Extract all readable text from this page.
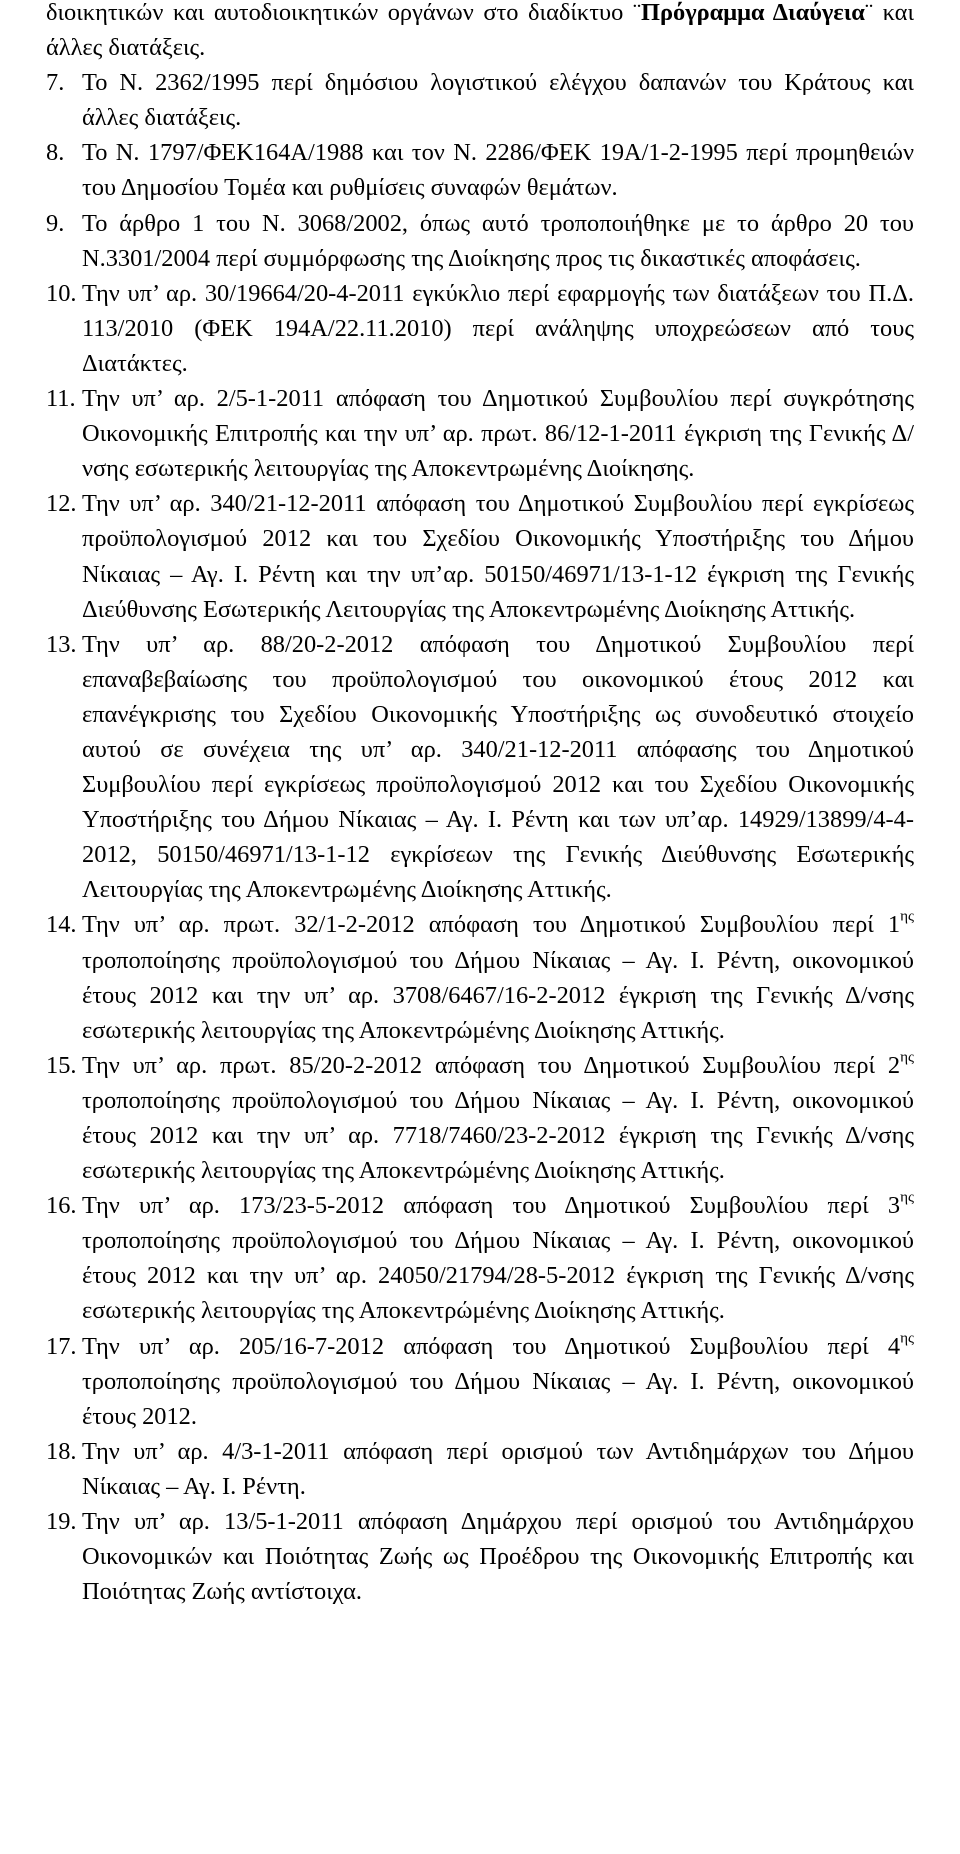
διοικητικών και αυτοδιοικητικών οργάνων στο διαδίκτυο ¨Πρόγραμμα Διαύγεια¨ και άλλες διατάξεις.
7. Το Ν. 2362/1995 περί δημόσιου λογιστικού ελέγχου δαπανών του Κράτους και άλλες διατάξεις.
8. Το Ν. 1797/ΦΕΚ164Α/1988 και τον Ν. 2286/ΦΕΚ 19Α/1-2-1995 περί προμηθειών του Δημοσίου Τομέα και ρυθμίσεις συναφών θεμάτων.
9. Το άρθρο 1 του Ν. 3068/2002, όπως αυτό τροποποιήθηκε με το άρθρο 20 του Ν.3301/2004 περί συμμόρφωσης της Διοίκησης προς τις δικαστικές αποφάσεις.
10. Την υπ’ αρ. 30/19664/20-4-2011 εγκύκλιο περί εφαρμογής των διατάξεων του Π.Δ. 113/2010 (ΦΕΚ 194Α/22.11.2010) περί ανάληψης υποχρεώσεων από τους Διατάκτες.
11. Την υπ’ αρ. 2/5-1-2011 απόφαση του Δημοτικού Συμβουλίου περί συγκρότησης Οικονομικής Επιτροπής και την υπ’ αρ. πρωτ. 86/12-1-2011 έγκριση της Γενικής Δ/νσης εσωτερικής λειτουργίας της Αποκεντρωμένης Διοίκησης.
12. Την υπ’ αρ. 340/21-12-2011 απόφαση του Δημοτικού Συμβουλίου περί εγκρίσεως προϋπολογισμού 2012 και του Σχεδίου Οικονομικής Υποστήριξης του Δήμου Νίκαιας – Αγ. Ι. Ρέντη και την υπ’αρ. 50150/46971/13-1-12 έγκριση της Γενικής Διεύθυνσης Εσωτερικής Λειτουργίας της Αποκεντρωμένης Διοίκησης Αττικής.
13. Την υπ’ αρ. 88/20-2-2012 απόφαση του Δημοτικού Συμβουλίου περί επαναβεβαίωσης του προϋπολογισμού του οικονομικού έτους 2012 και επανέγκρισης του Σχεδίου Οικονομικής Υποστήριξης ως συνοδευτικό στοιχείο αυτού σε συνέχεια της υπ’ αρ. 340/21-12-2011 απόφασης του Δημοτικού Συμβουλίου περί εγκρίσεως προϋπολογισμού 2012 και του Σχεδίου Οικονομικής Υποστήριξης του Δήμου Νίκαιας – Αγ. Ι. Ρέντη και των υπ’αρ. 14929/13899/4-4-2012, 50150/46971/13-1-12 εγκρίσεων της Γενικής Διεύθυνσης Εσωτερικής Λειτουργίας της Αποκεντρωμένης Διοίκησης Αττικής.
14. Την υπ’ αρ. πρωτ. 32/1-2-2012 απόφαση του Δημοτικού Συμβουλίου περί $1^{\eta\varsigma}$ τροποποίησης προϋπολογισμού του Δήμου Νίκαιας – Αγ. Ι. Ρέντη, οικονομικού έτους 2012 και την υπ’ αρ. 3708/6467/16-2-2012 έγκριση της Γενικής Δ/νσης εσωτερικής λειτουργίας της Αποκεντρώμένης Διοίκησης Αττικής.
15. Την υπ’ αρ. πρωτ. 85/20-2-2012 απόφαση του Δημοτικού Συμβουλίου περί $2^{\eta\varsigma}$ τροποποίησης προϋπολογισμού του Δήμου Νίκαιας – Αγ. Ι. Ρέντη, οικονομικού έτους 2012 και την υπ’ αρ. 7718/7460/23-2-2012 έγκριση της Γενικής Δ/νσης εσωτερικής λειτουργίας της Αποκεντρώμένης Διοίκησης Αττικής.
16. Την υπ’ αρ. 173/23-5-2012 απόφαση του Δημοτικού Συμβουλίου περί $3^{\eta\varsigma}$ τροποποίησης προϋπολογισμού του Δήμου Νίκαιας – Αγ. Ι. Ρέντη, οικονομικού έτους 2012 και την υπ’ αρ. 24050/21794/28-5-2012 έγκριση της Γενικής Δ/νσης εσωτερικής λειτουργίας της Αποκεντρώμένης Διοίκησης Αττικής.
17. Την υπ’ αρ. 205/16-7-2012 απόφαση του Δημοτικού Συμβουλίου περί $4^{\eta\varsigma}$ τροποποίησης προϋπολογισμού του Δήμου Νίκαιας – Αγ. Ι. Ρέντη, οικονομικού έτους 2012.
18. Την υπ’ αρ. 4/3-1-2011 απόφαση περί ορισμού των Αντιδημάρχων του Δήμου Νίκαιας – Αγ. Ι. Ρέντη.
19. Την υπ’ αρ. 13/5-1-2011 απόφαση Δημάρχου περί ορισμού του Αντιδημάρχου Οικονομικών και Ποιότητας Ζωής ως Προέδρου της Οικονομικής Επιτροπής και Ποιότητας Ζωής αντίστοιχα.
